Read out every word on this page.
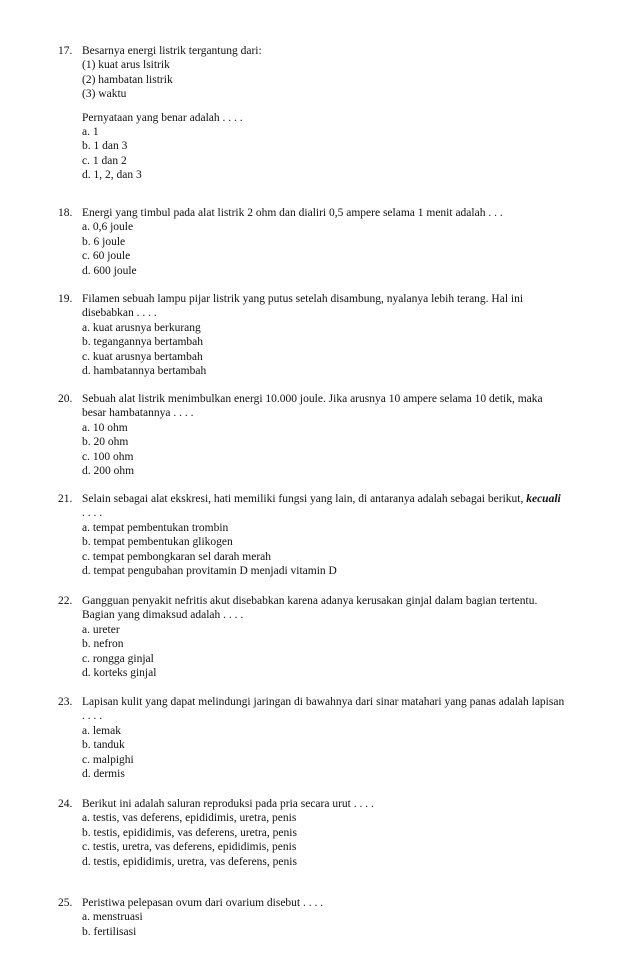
17. Besarnya energi listrik tergantung dari:
(1) kuat arus lsitrik
(2) hambatan listrik
(3) waktu
Pernyataan yang benar adalah . . . .
a. 1
b. 1 dan 3
c. 1 dan 2
d. 1, 2, dan 3
18. Energi yang timbul pada alat listrik 2 ohm dan dialiri 0,5 ampere selama 1 menit adalah . . .
a. 0,6 joule
b. 6 joule
c. 60 joule
d. 600 joule
19. Filamen sebuah lampu pijar listrik yang putus setelah disambung, nyalanya lebih terang. Hal ini
disebabkan . . . .
a. kuat arusnya berkurang
b. tegangannya bertambah
c. kuat arusnya bertambah
d. hambatannya bertambah
20. Sebuah alat listrik menimbulkan energi 10.000 joule. Jika arusnya 10 ampere selama 10 detik, maka
besar hambatannya . . . .
a. 10 ohm
b. 20 ohm
c. 100 ohm
d. 200 ohm
21. Selain sebagai alat ekskresi, hati memiliki fungsi yang lain, di antaranya adalah sebagai berikut, kecuali
. . . .
a. tempat pembentukan trombin
b. tempat pembentukan glikogen
c. tempat pembongkaran sel darah merah
d. tempat pengubahan provitamin D menjadi vitamin D
22. Gangguan penyakit nefritis akut disebabkan karena adanya kerusakan ginjal dalam bagian tertentu.
Bagian yang dimaksud adalah . . . .
a. ureter
b. nefron
c. rongga ginjal
d. korteks ginjal
23. Lapisan kulit yang dapat melindungi jaringan di bawahnya dari sinar matahari yang panas adalah lapisan
. . . .
a. lemak
b. tanduk
c. malpighi
d. dermis
24. Berikut ini adalah saluran reproduksi pada pria secara urut . . . .
a. testis, vas deferens, epididimis, uretra, penis
b. testis, epididimis, vas deferens, uretra, penis
c. testis, uretra, vas deferens, epididimis, penis
d. testis, epididimis, uretra, vas deferens, penis
25. Peristiwa pelepasan ovum dari ovarium disebut . . . .
a. menstruasi
b. fertilisasi
